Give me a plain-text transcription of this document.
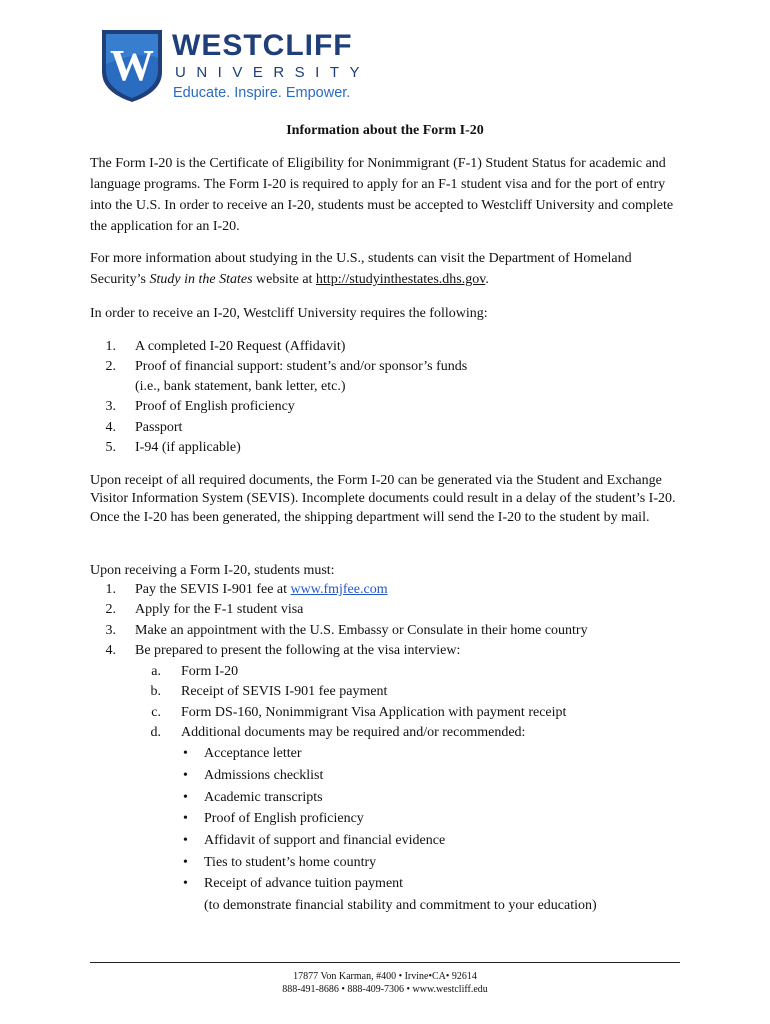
W WESTCLIFF
UNIVERSITY
Educate. Inspire. Empower.
Information about the Form I-20
The Form I-20 is the Certificate of Eligibility for Nonimmigrant (F-1) Student Status for academic and language programs. The Form I-20 is required to apply for an F-1 student visa and for the port of entry into the U.S. In order to receive an I-20, students must be accepted to Westcliff University and complete the application for an I-20.
For more information about studying in the U.S., students can visit the Department of Homeland Security’s Study in the States website at http://studyinthestates.dhs.gov.
In order to receive an I-20, Westcliff University requires the following:
1. A completed I-20 Request (Affidavit)
2. Proof of financial support: student’s and/or sponsor’s funds
(i.e., bank statement, bank letter, etc.)
3. Proof of English proficiency
4. Passport
5. I-94 (if applicable)
Upon receipt of all required documents, the Form I-20 can be generated via the Student and Exchange Visitor Information System (SEVIS). Incomplete documents could result in a delay of the student’s I-20. Once the I-20 has been generated, the shipping department will send the I-20 to the student by mail.
Upon receiving a Form I-20, students must:
1. Pay the SEVIS I-901 fee at www.fmjfee.com
2. Apply for the F-1 student visa
3. Make an appointment with the U.S. Embassy or Consulate in their home country
4. Be prepared to present the following at the visa interview:
a. Form I-20
b. Receipt of SEVIS I-901 fee payment
c. Form DS-160, Nonimmigrant Visa Application with payment receipt
d. Additional documents may be required and/or recommended:
• Acceptance letter
• Admissions checklist
• Academic transcripts
• Proof of English proficiency
• Affidavit of support and financial evidence
• Ties to student’s home country
• Receipt of advance tuition payment
(to demonstrate financial stability and commitment to your education)
17877 Von Karman, #400 • Irvine•CA• 92614
888-491-8686 • 888-409-7306 • www.westcliff.edu
